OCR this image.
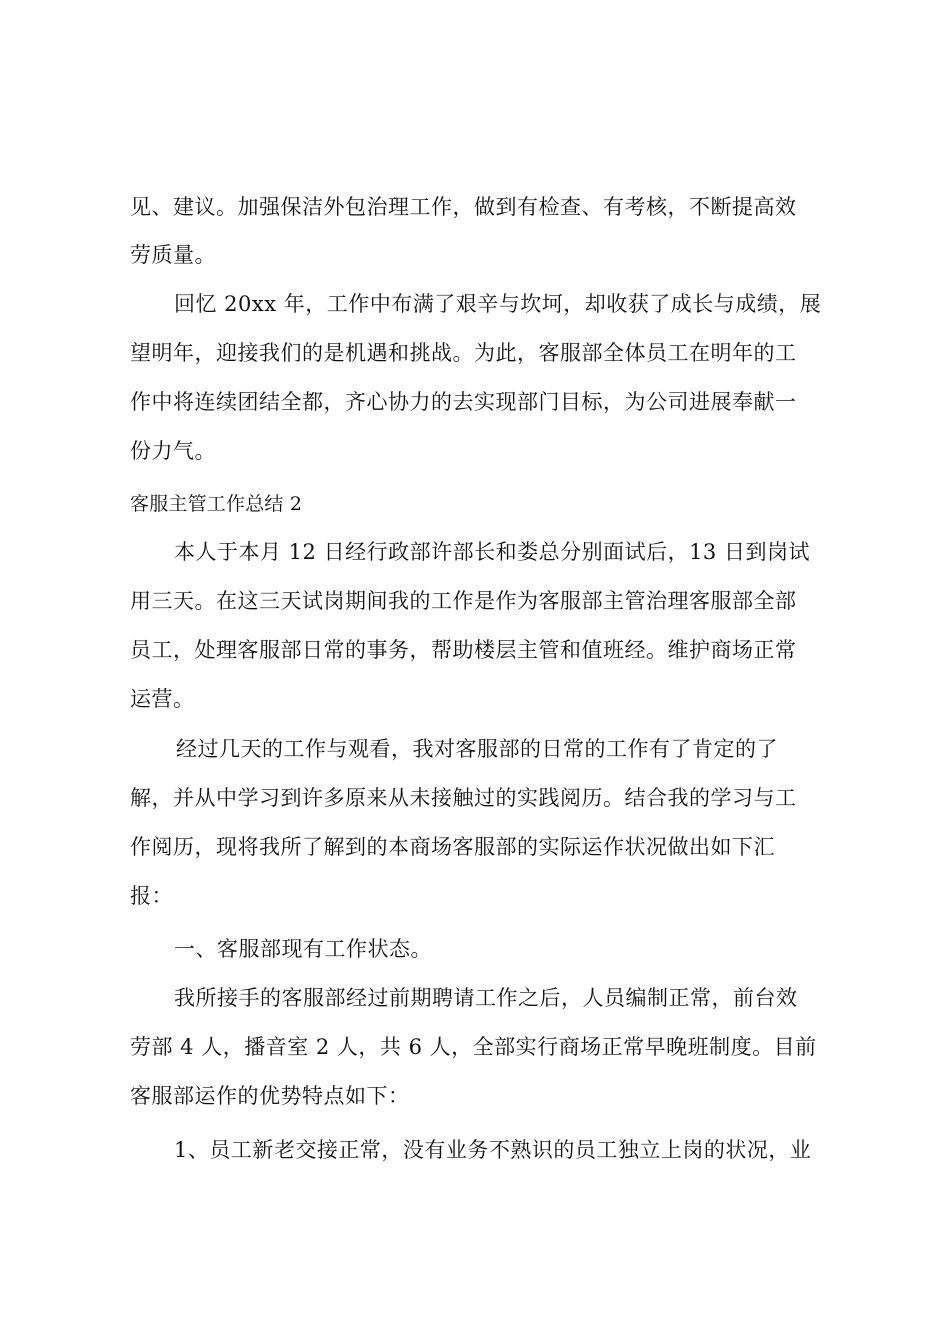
见、建议。加强保洁外包治理工作，做到有检查、有考核，不断提高效
劳质量。
回忆 20xx 年，工作中布满了艰辛与坎坷，却收获了成长与成绩，展
望明年，迎接我们的是机遇和挑战。为此，客服部全体员工在明年的工
作中将连续团结全都，齐心协力的去实现部门目标，为公司进展奉献一
份力气。
客服主管工作总结 2
本人于本月 12 日经行政部许部长和娄总分别面试后，13 日到岗试
用三天。在这三天试岗期间我的工作是作为客服部主管治理客服部全部
员工，处理客服部日常的事务，帮助楼层主管和值班经。维护商场正常
运营。
经过几天的工作与观看，我对客服部的日常的工作有了肯定的了
解，并从中学习到许多原来从未接触过的实践阅历。结合我的学习与工
作阅历，现将我所了解到的本商场客服部的实际运作状况做出如下汇
报：
一、客服部现有工作状态。
我所接手的客服部经过前期聘请工作之后，人员编制正常，前台效
劳部 4 人，播音室 2 人，共 6 人，全部实行商场正常早晚班制度。目前
客服部运作的优势特点如下：
1、员工新老交接正常，没有业务不熟识的员工独立上岗的状况，业
